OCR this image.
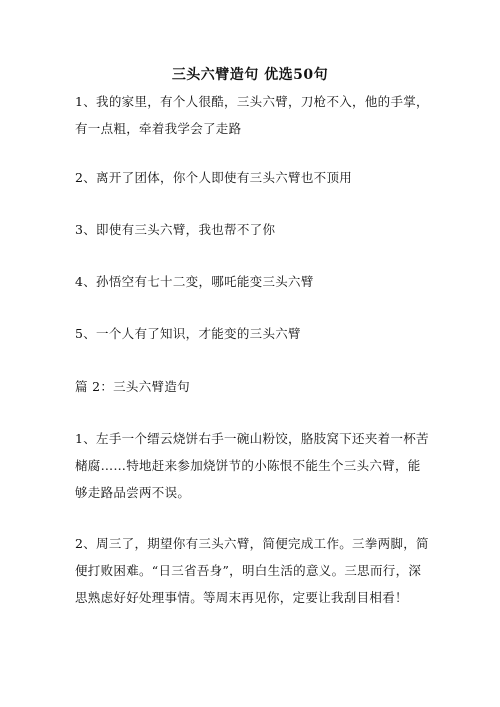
三头六臂造句 优选50句
1、我的家里，有个人很酷，三头六臂，刀枪不入，他的手掌，
有一点粗，牵着我学会了走路
2、离开了团体，你个人即使有三头六臂也不顶用
3、即使有三头六臂，我也帮不了你
4、孙悟空有七十二变，哪吒能变三头六臂
5、一个人有了知识，才能变的三头六臂
篇 2：三头六臂造句
1、左手一个缙云烧饼右手一碗山粉饺，胳肢窝下还夹着一杯苦
槠腐……特地赶来参加烧饼节的小陈恨不能生个三头六臂，能
够走路品尝两不误。
2、周三了，期望你有三头六臂，简便完成工作。三拳两脚，简
便打败困难。“日三省吾身”，明白生活的意义。三思而行，深
思熟虑好好处理事情。等周末再见你，定要让我刮目相看！
